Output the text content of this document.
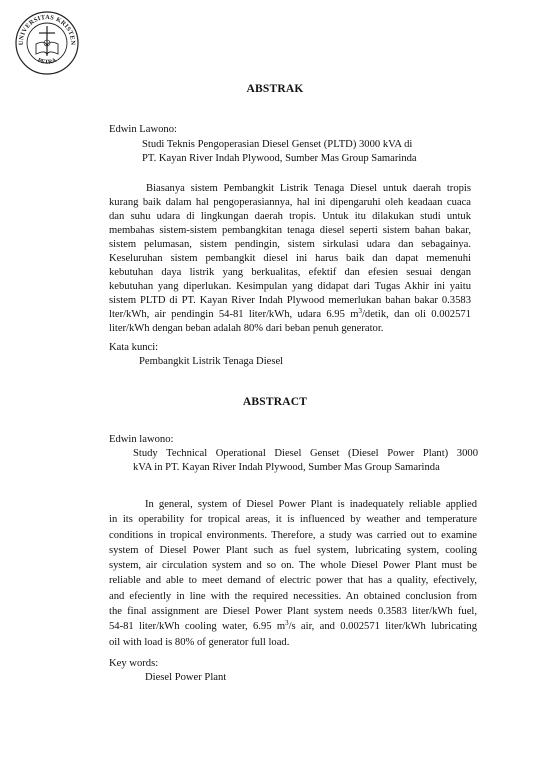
UNIVERSITAS KRISTEN
PETRA
ABSTRAK
Edwin Lawono:
Studi Teknis Pengoperasian Diesel Genset (PLTD) 3000 kVA di
PT. Kayan River Indah Plywood, Sumber Mas Group Samarinda
Biasanya sistem Pembangkit Listrik Tenaga Diesel untuk daerah tropis
kurang baik dalam hal pengoperasiannya, hal ini dipengaruhi oleh keadaan cuaca
dan suhu udara di lingkungan daerah tropis. Untuk itu dilakukan studi untuk
membahas sistem-sistem pembangkitan tenaga diesel seperti sistem bahan bakar,
sistem pelumasan, sistem pendingin, sistem sirkulasi udara dan sebagainya.
Keseluruhan sistem pembangkit diesel ini harus baik dan dapat memenuhi
kebutuhan daya listrik yang berkualitas, efektif dan efesien sesuai dengan
kebutuhan yang diperlukan. Kesimpulan yang didapat dari Tugas Akhir ini yaitu
sistem PLTD di PT. Kayan River Indah Plywood memerlukan bahan bakar 0.3583
lter/kWh, air pendingin 54-81 liter/kWh, udara 6.95 $m^3$/detik, dan oli 0.002571
liter/kWh dengan beban adalah 80% dari beban penuh generator.
Kata kunci:
Pembangkit Listrik Tenaga Diesel
ABSTRACT
Edwin lawono:
Study Technical Operational Diesel Genset (Diesel Power Plant) 3000
kVA in PT. Kayan River Indah Plywood, Sumber Mas Group Samarinda
In general, system of Diesel Power Plant is inadequately reliable applied
in its operability for tropical areas, it is influenced by weather and temperature
conditions in tropical environments. Therefore, a study was carried out to examine
system of Diesel Power Plant such as fuel system, lubricating system, cooling
system, air circulation system and so on. The whole Diesel Power Plant must be
reliable and able to meet demand of electric power that has a quality, efectively,
and efeciently in line with the required necessities. An obtained conclusion from
the final assignment are Diesel Power Plant system needs 0.3583 liter/kWh fuel,
54-81 liter/kWh cooling water, 6.95 $m^3/s$ air, and 0.002571 liter/kWh lubricating
oil with load is 80% of generator full load.
Key words:
Diesel Power Plant
